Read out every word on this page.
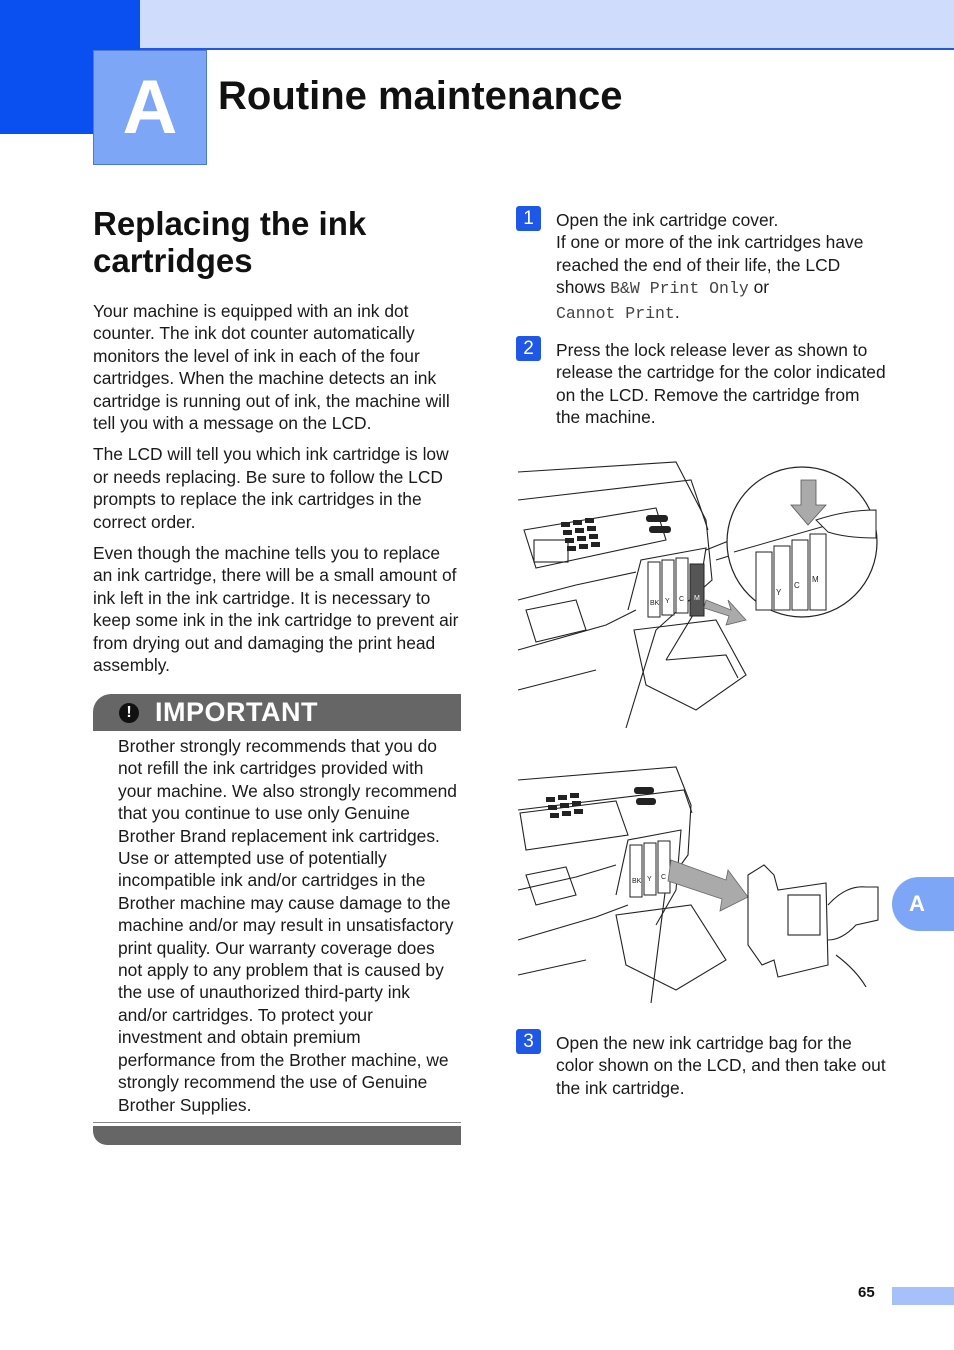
A Routine maintenance
Replacing the ink cartridges

Your machine is equipped with an ink dot counter. The ink dot counter automatically monitors the level of ink in each of the four cartridges. When the machine detects an ink cartridge is running out of ink, the machine will tell you with a message on the LCD.

The LCD will tell you which ink cartridge is low or needs replacing. Be sure to follow the LCD prompts to replace the ink cartridges in the correct order.

Even though the machine tells you to replace an ink cartridge, there will be a small amount of ink left in the ink cartridge. It is necessary to keep some ink in the ink cartridge to prevent air from drying out and damaging the print head assembly.

! IMPORTANT

Brother strongly recommends that you do not refill the ink cartridges provided with your machine. We also strongly recommend that you continue to use only Genuine Brother Brand replacement ink cartridges. Use or attempted use of potentially incompatible ink and/or cartridges in the Brother machine may cause damage to the machine and/or may result in unsatisfactory print quality. Our warranty coverage does not apply to any problem that is caused by the use of unauthorized third-party ink and/or cartridges. To protect your investment and obtain premium performance from the Brother machine, we strongly recommend the use of Genuine Brother Supplies.

1	Open the ink cartridge cover.
If one or more of the ink cartridges have reached the end of their life, the LCD shows B&W Print Only or
Cannot Print.
2	Press the lock release lever as shown to release the cartridge for the color indicated on the LCD. Remove the cartridge from the machine.

BK Y C M
Y
C
M
BK Y C
3	Open the new ink cartridge bag for the color shown on the LCD, and then take out the ink cartridge.

A
65
